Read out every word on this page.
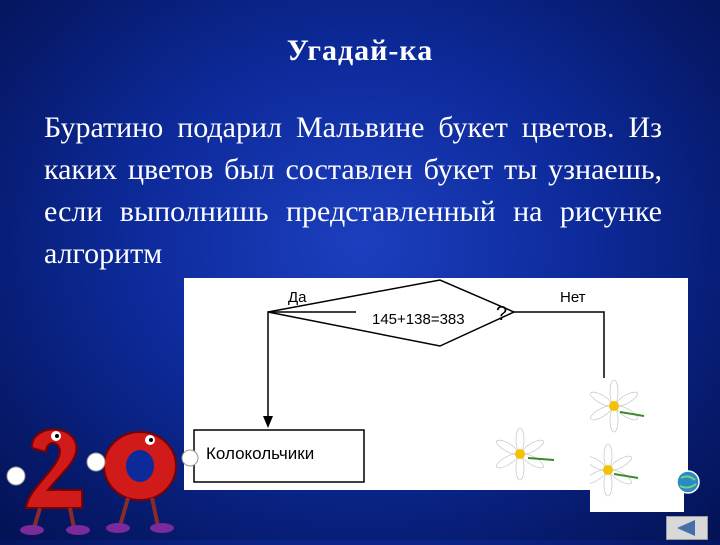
Угадай-ка

Буратино подарил Мальвине букет цветов. Из каких цветов был составлен букет ты узнаешь, если выполнишь представленный на рисунке алгоритм

145+138=383 ?
Да	Нет
Колокольчики
